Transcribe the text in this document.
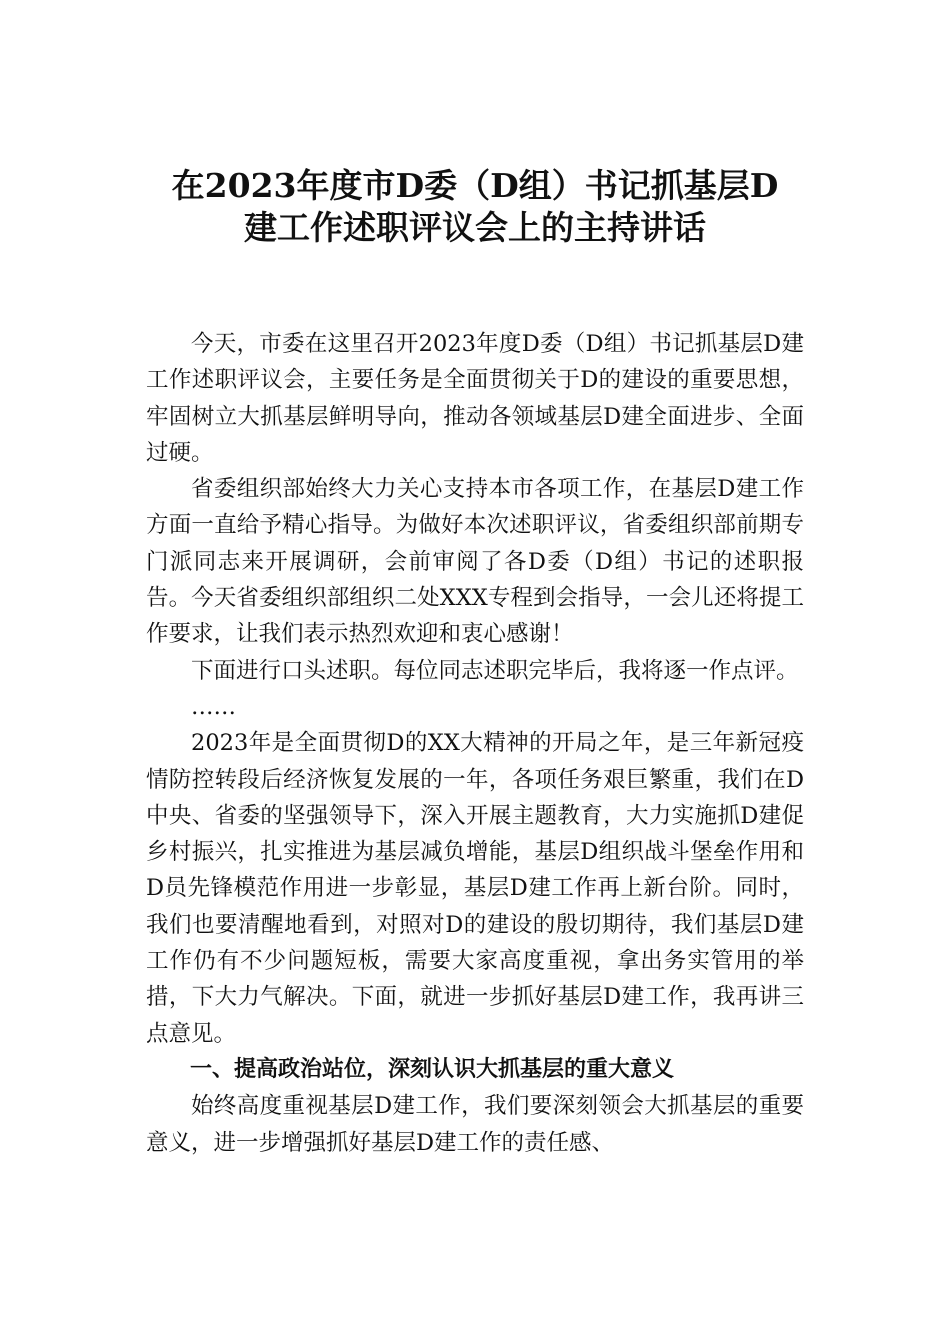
在2023年度市D委（D组）书记抓基层D
建工作述职评议会上的主持讲话

今天，市委在这里召开2023年度D委（D组）书记抓基层D建工作述职评议会，主要任务是全面贯彻关于D的建设的重要思想，牢固树立大抓基层鲜明导向，推动各领域基层D建全面进步、全面过硬。

省委组织部始终大力关心支持本市各项工作，在基层D建工作方面一直给予精心指导。为做好本次述职评议，省委组织部前期专门派同志来开展调研，会前审阅了各D委（D组）书记的述职报告。今天省委组织部组织二处XXX专程到会指导，一会儿还将提工作要求，让我们表示热烈欢迎和衷心感谢！

下面进行口头述职。每位同志述职完毕后，我将逐一作点评。

……

2023年是全面贯彻D的XX大精神的开局之年，是三年新冠疫情防控转段后经济恢复发展的一年，各项任务艰巨繁重，我们在D中央、省委的坚强领导下，深入开展主题教育，大力实施抓D建促乡村振兴，扎实推进为基层减负增能，基层D组织战斗堡垒作用和D员先锋模范作用进一步彰显，基层D建工作再上新台阶。同时，我们也要清醒地看到，对照对D的建设的殷切期待，我们基层D建工作仍有不少问题短板，需要大家高度重视，拿出务实管用的举措，下大力气解决。下面，就进一步抓好基层D建工作，我再讲三点意见。

一、提高政治站位，深刻认识大抓基层的重大意义

始终高度重视基层D建工作，我们要深刻领会大抓基层的重要意义，进一步增强抓好基层D建工作的责任感、
